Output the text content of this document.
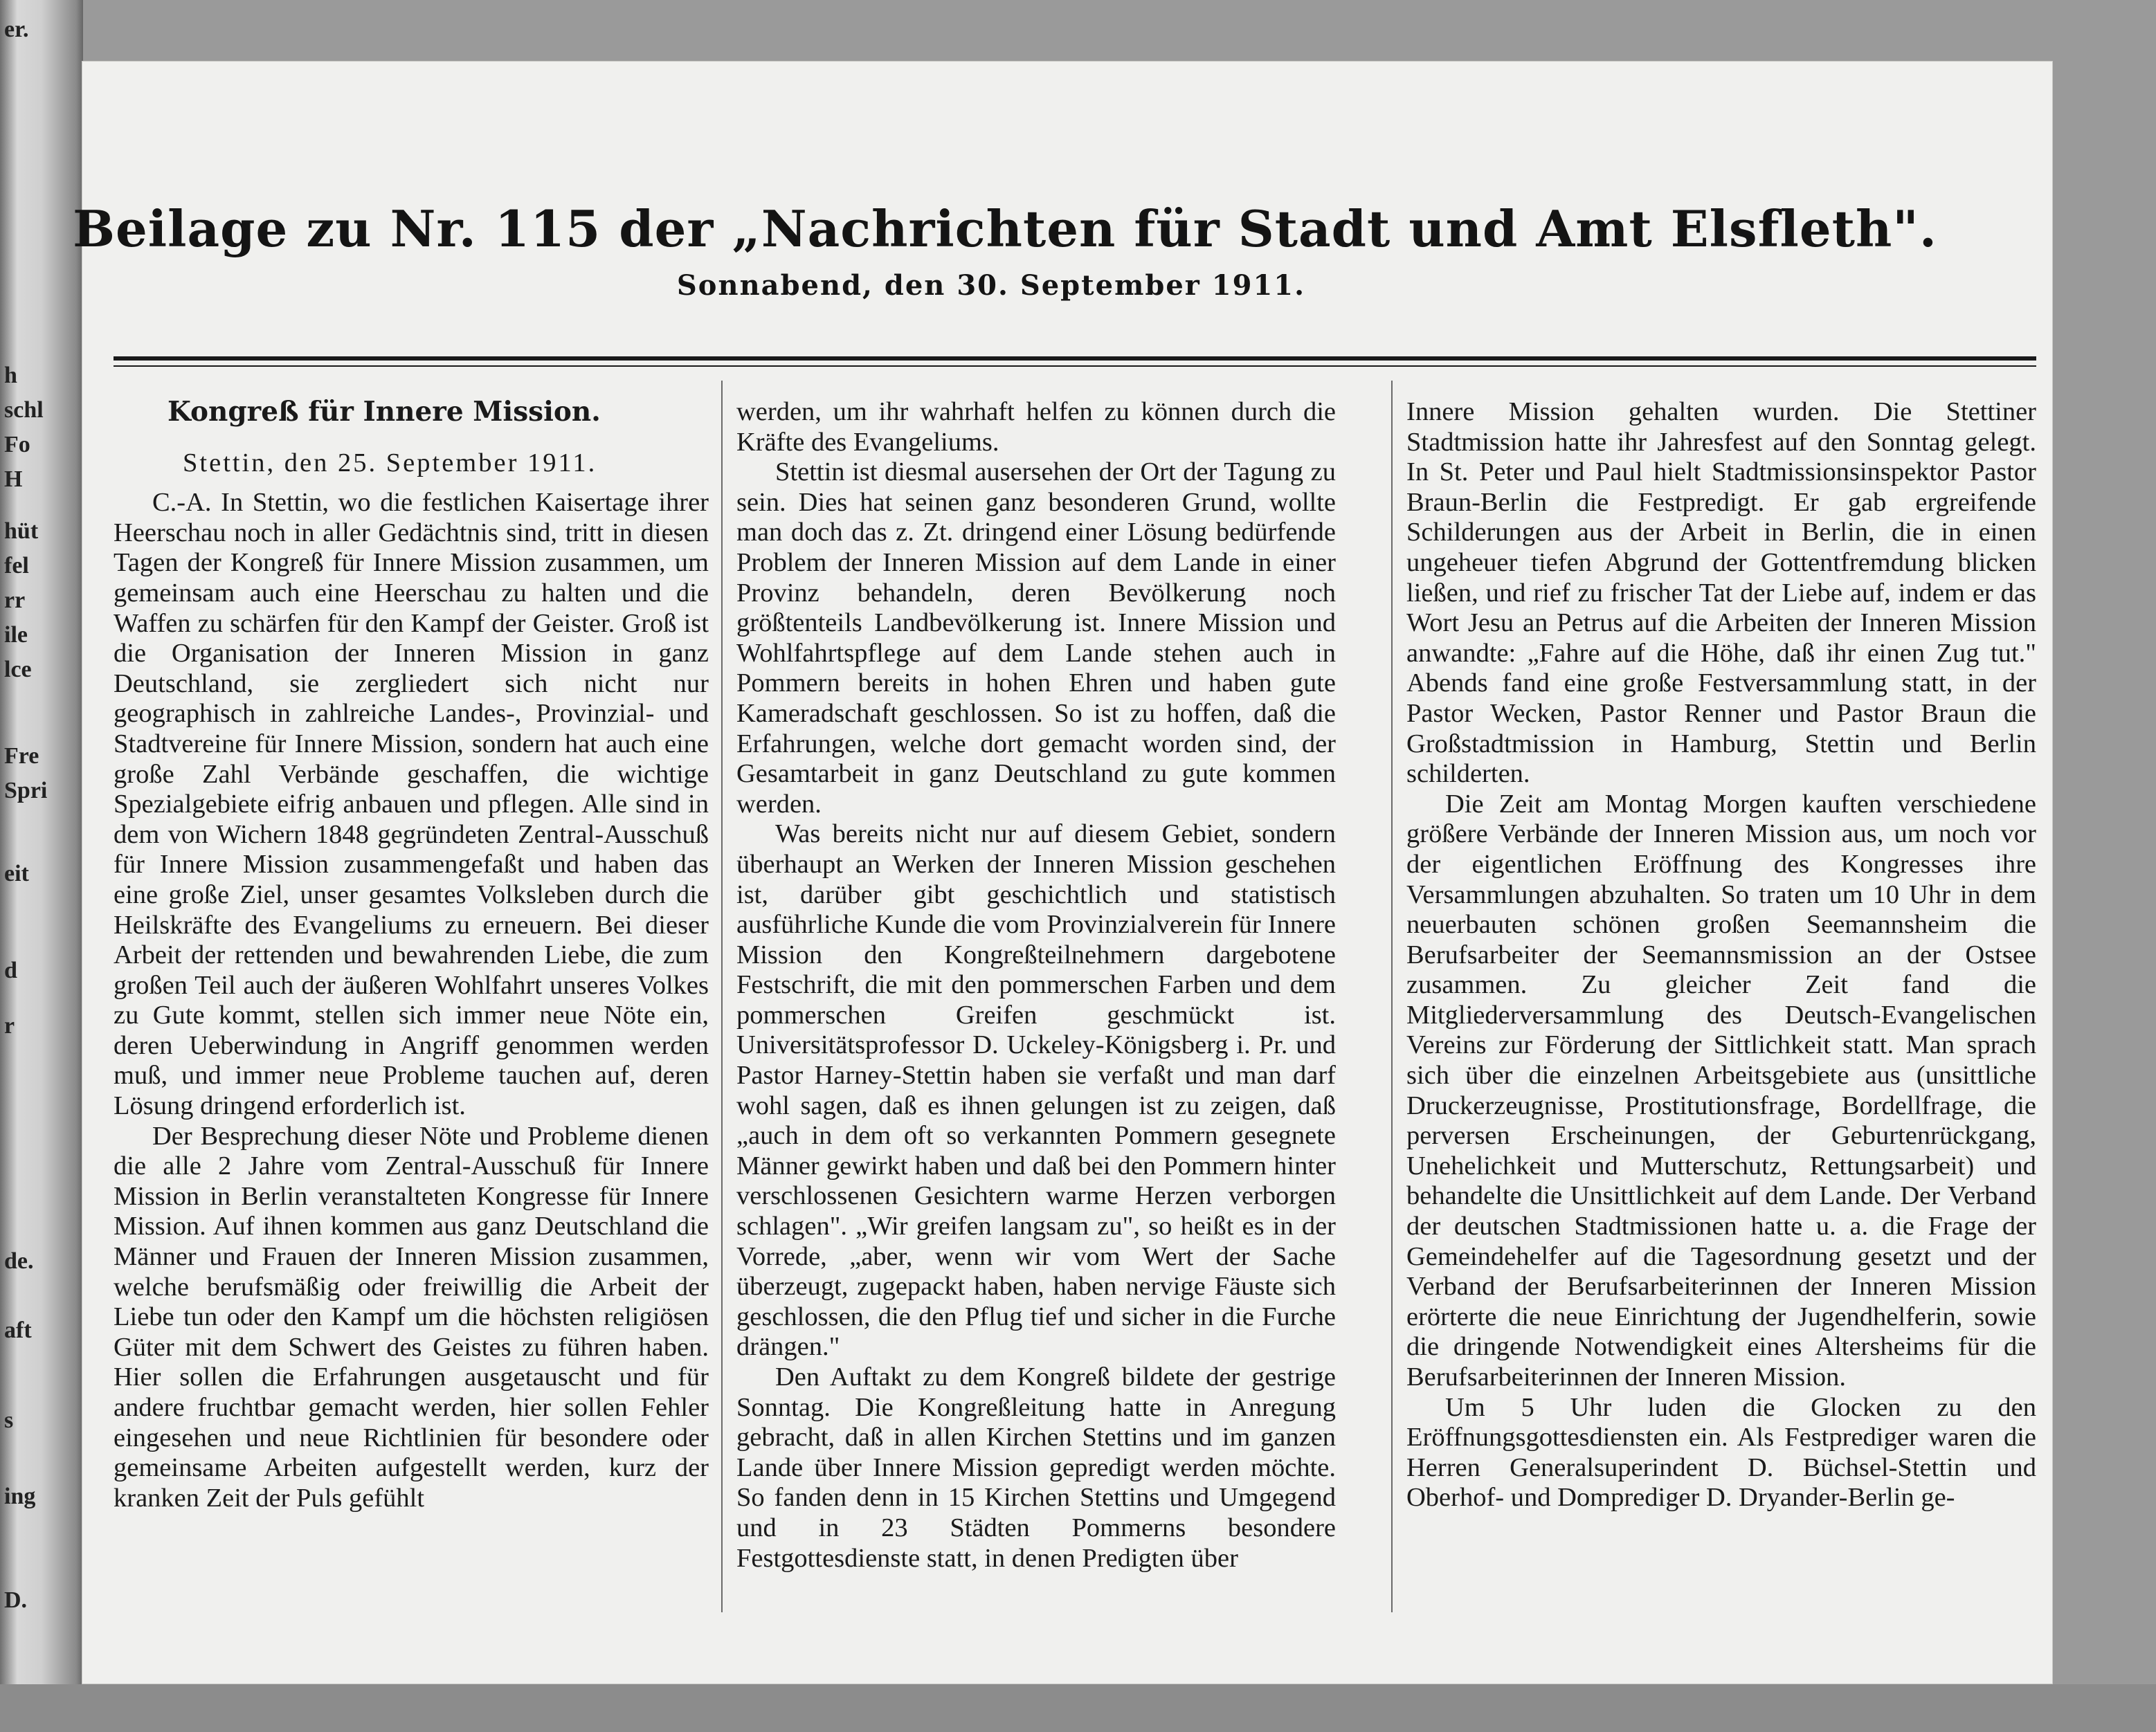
er.
h
schl
Fo
H
hüt
fel
rr
ile
lce
Fre
Spri
eit
d
r
de.
aft
s
ing
D.
Beilage zu Nr. 115 der „Nachrichten für Stadt und Amt Elsfleth".
Sonnabend, den 30. September 1911.
Kongreß für Innere Mission.
Stettin, den 25. September 1911.

C.-A. In Stettin, wo die festlichen Kaisertage ihrer Heerschau noch in aller Gedächtnis sind, tritt in diesen Tagen der Kongreß für Innere Mission zusammen, um gemeinsam auch eine Heerschau zu halten und die Waffen zu schärfen für den Kampf der Geister. Groß ist die Organisation der Inneren Mission in ganz Deutschland, sie zergliedert sich nicht nur geographisch in zahlreiche Landes-, Provinzial- und Stadtvereine für Innere Mission, sondern hat auch eine große Zahl Verbände geschaffen, die wichtige Spezialgebiete eifrig anbauen und pflegen. Alle sind in dem von Wichern 1848 gegründeten Zentral-Ausschuß für Innere Mission zusammengefaßt und haben das eine große Ziel, unser gesamtes Volksleben durch die Heilskräfte des Evangeliums zu erneuern. Bei dieser Arbeit der rettenden und bewahrenden Liebe, die zum großen Teil auch der äußeren Wohlfahrt unseres Volkes zu Gute kommt, stellen sich immer neue Nöte ein, deren Ueberwindung in Angriff genommen werden muß, und immer neue Probleme tauchen auf, deren Lösung dringend erforderlich ist.

Der Besprechung dieser Nöte und Probleme dienen die alle 2 Jahre vom Zentral-Ausschuß für Innere Mission in Berlin veranstalteten Kongresse für Innere Mission. Auf ihnen kommen aus ganz Deutschland die Männer und Frauen der Inneren Mission zusammen, welche berufsmäßig oder freiwillig die Arbeit der Liebe tun oder den Kampf um die höchsten religiösen Güter mit dem Schwert des Geistes zu führen haben. Hier sollen die Erfahrungen ausgetauscht und für andere fruchtbar gemacht werden, hier sollen Fehler eingesehen und neue Richtlinien für besondere oder gemeinsame Arbeiten aufgestellt werden, kurz der kranken Zeit der Puls gefühlt

werden, um ihr wahrhaft helfen zu können durch die Kräfte des Evangeliums.

Stettin ist diesmal ausersehen der Ort der Tagung zu sein. Dies hat seinen ganz besonderen Grund, wollte man doch das z. Zt. dringend einer Lösung bedürfende Problem der Inneren Mission auf dem Lande in einer Provinz behandeln, deren Bevölkerung noch größtenteils Landbevölkerung ist. Innere Mission und Wohlfahrtspflege auf dem Lande stehen auch in Pommern bereits in hohen Ehren und haben gute Kameradschaft geschlossen. So ist zu hoffen, daß die Erfahrungen, welche dort gemacht worden sind, der Gesamtarbeit in ganz Deutschland zu gute kommen werden.

Was bereits nicht nur auf diesem Gebiet, sondern überhaupt an Werken der Inneren Mission geschehen ist, darüber gibt geschichtlich und statistisch ausführliche Kunde die vom Provinzialverein für Innere Mission den Kongreßteilnehmern dargebotene Festschrift, die mit den pommerschen Farben und dem pommerschen Greifen geschmückt ist. Universitätsprofessor D. Uckeley-Königsberg i. Pr. und Pastor Harney-Stettin haben sie verfaßt und man darf wohl sagen, daß es ihnen gelungen ist zu zeigen, daß „auch in dem oft so verkannten Pommern gesegnete Männer gewirkt haben und daß bei den Pommern hinter verschlossenen Gesichtern warme Herzen verborgen schlagen". „Wir greifen langsam zu", so heißt es in der Vorrede, „aber, wenn wir vom Wert der Sache überzeugt, zugepackt haben, haben nervige Fäuste sich geschlossen, die den Pflug tief und sicher in die Furche drängen."

Den Auftakt zu dem Kongreß bildete der gestrige Sonntag. Die Kongreßleitung hatte in Anregung gebracht, daß in allen Kirchen Stettins und im ganzen Lande über Innere Mission gepredigt werden möchte. So fanden denn in 15 Kirchen Stettins und Umgegend und in 23 Städten Pommerns besondere Festgottesdienste statt, in denen Predigten über

Innere Mission gehalten wurden. Die Stettiner Stadtmission hatte ihr Jahresfest auf den Sonntag gelegt. In St. Peter und Paul hielt Stadtmissionsinspektor Pastor Braun-Berlin die Festpredigt. Er gab ergreifende Schilderungen aus der Arbeit in Berlin, die in einen ungeheuer tiefen Abgrund der Gottentfremdung blicken ließen, und rief zu frischer Tat der Liebe auf, indem er das Wort Jesu an Petrus auf die Arbeiten der Inneren Mission anwandte: „Fahre auf die Höhe, daß ihr einen Zug tut." Abends fand eine große Festversammlung statt, in der Pastor Wecken, Pastor Renner und Pastor Braun die Großstadtmission in Hamburg, Stettin und Berlin schilderten.

Die Zeit am Montag Morgen kauften verschiedene größere Verbände der Inneren Mission aus, um noch vor der eigentlichen Eröffnung des Kongresses ihre Versammlungen abzuhalten. So traten um 10 Uhr in dem neuerbauten schönen großen Seemannsheim die Berufsarbeiter der Seemannsmission an der Ostsee zusammen. Zu gleicher Zeit fand die Mitgliederversammlung des Deutsch-Evangelischen Vereins zur Förderung der Sittlichkeit statt. Man sprach sich über die einzelnen Arbeitsgebiete aus (unsittliche Druckerzeugnisse, Prostitutionsfrage, Bordellfrage, die perversen Erscheinungen, der Geburtenrückgang, Unehelichkeit und Mutterschutz, Rettungsarbeit) und behandelte die Unsittlichkeit auf dem Lande. Der Verband der deutschen Stadtmissionen hatte u. a. die Frage der Gemeindehelfer auf die Tagesordnung gesetzt und der Verband der Berufsarbeiterinnen der Inneren Mission erörterte die neue Einrichtung der Jugendhelferin, sowie die dringende Notwendigkeit eines Altersheims für die Berufsarbeiterinnen der Inneren Mission.

Um 5 Uhr luden die Glocken zu den Eröffnungsgottesdiensten ein. Als Festprediger waren die Herren Generalsuperindent D. Büchsel-Stettin und Oberhof- und Domprediger D. Dryander-Berlin ge-
